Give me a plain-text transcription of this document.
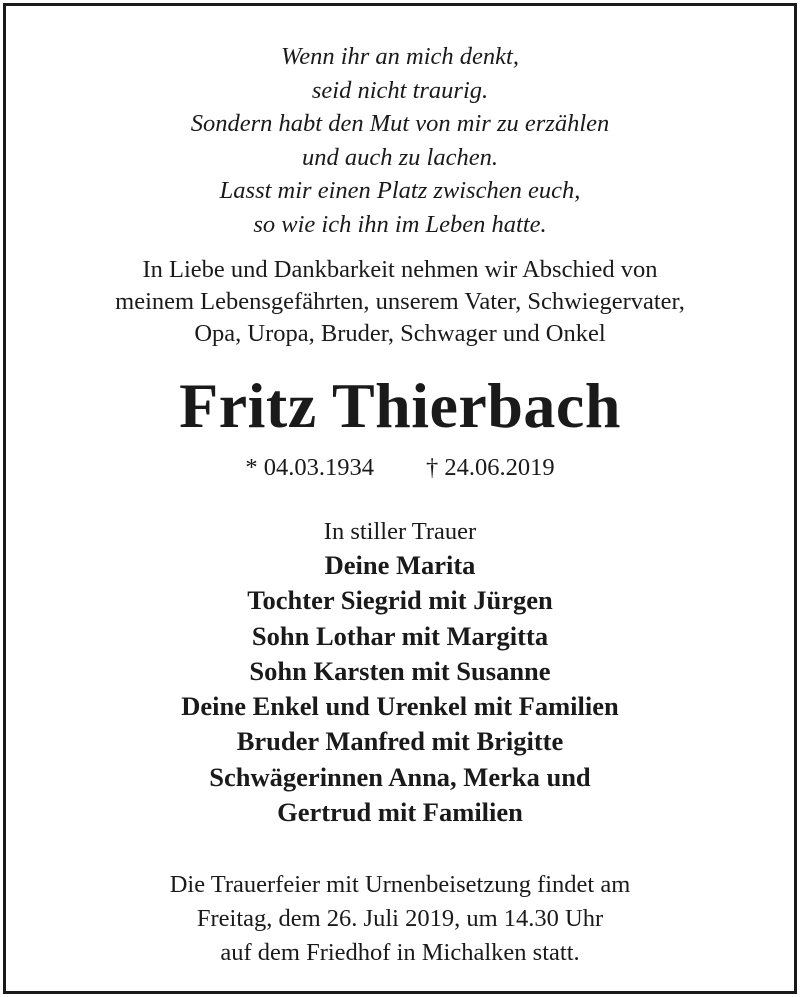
Wenn ihr an mich denkt,
seid nicht traurig.
Sondern habt den Mut von mir zu erzählen
und auch zu lachen.
Lasst mir einen Platz zwischen euch,
so wie ich ihn im Leben hatte.
In Liebe und Dankbarkeit nehmen wir Abschied von
meinem Lebensgefährten, unserem Vater, Schwiegervater,
Opa, Uropa, Bruder, Schwager und Onkel
Fritz Thierbach
* 04.03.1934 † 24.06.2019
In stiller Trauer
Deine Marita
Tochter Siegrid mit Jürgen
Sohn Lothar mit Margitta
Sohn Karsten mit Susanne
Deine Enkel und Urenkel mit Familien
Bruder Manfred mit Brigitte
Schwägerinnen Anna, Merka und
Gertrud mit Familien
Die Trauerfeier mit Urnenbeisetzung findet am
Freitag, dem 26. Juli 2019, um 14.30 Uhr
auf dem Friedhof in Michalken statt.
